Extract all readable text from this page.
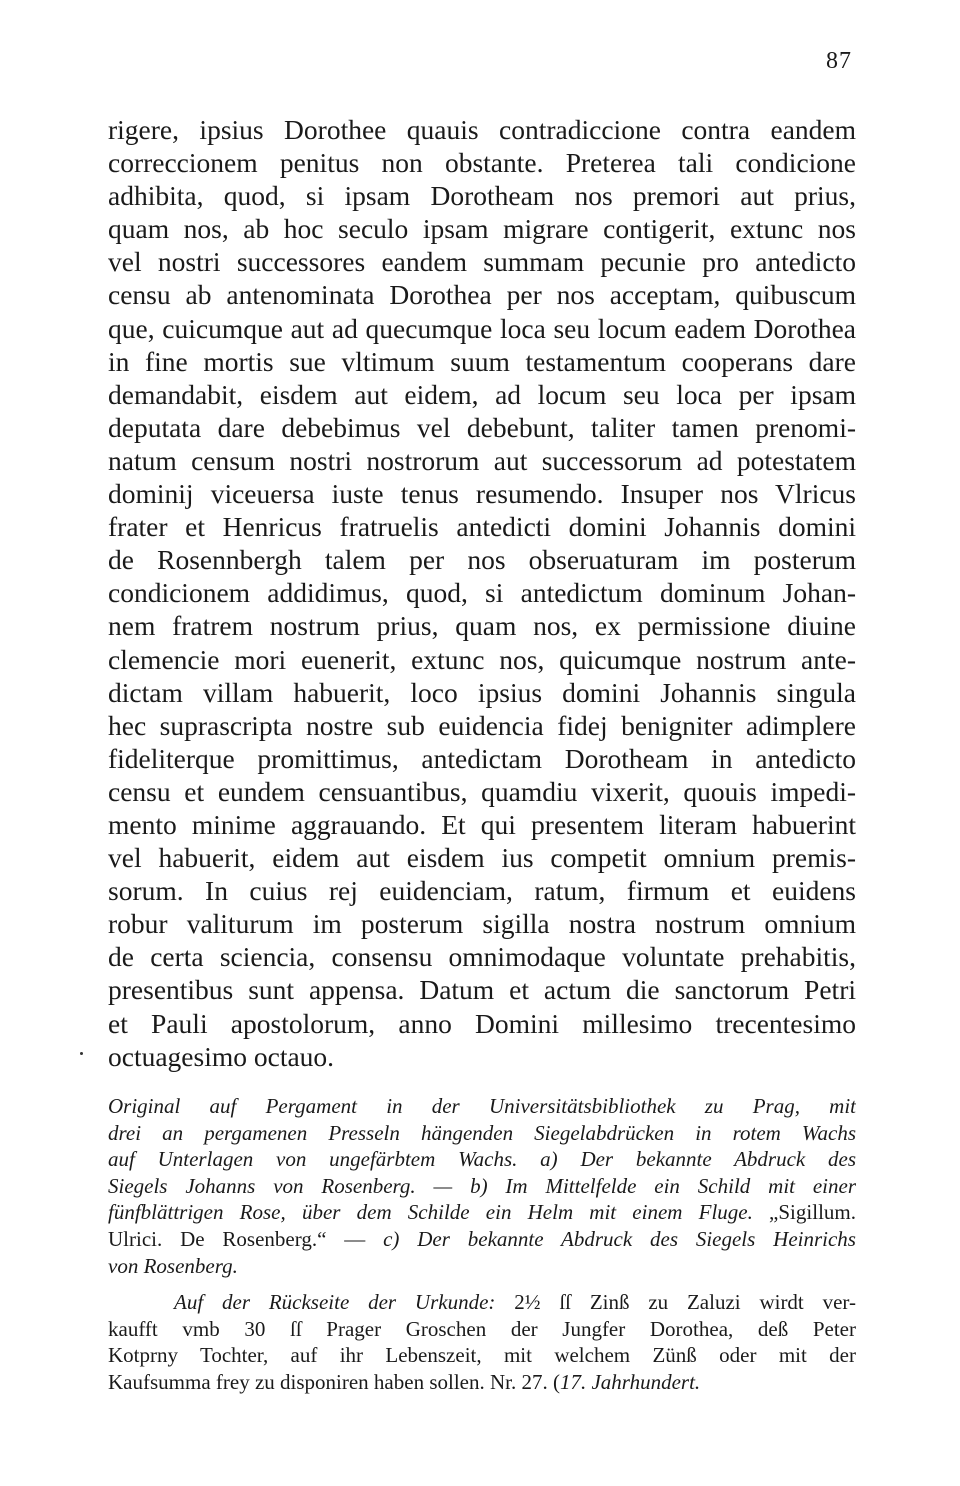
87
rigere, ipsius Dorothee quauis contradiccione contra eandem
correccionem penitus non obstante. Preterea tali condicione
adhibita, quod, si ipsam Dorotheam nos premori aut prius,
quam nos, ab hoc seculo ipsam migrare contigerit, extunc nos
vel nostri successores eandem summam pecunie pro antedicto
censu ab antenominata Dorothea per nos acceptam, quibuscum
que, cuicumque aut ad quecumque loca seu locum eadem Dorothea
in fine mortis sue vltimum suum testamentum cooperans dare
demandabit, eisdem aut eidem, ad locum seu loca per ipsam
deputata dare debebimus vel debebunt, taliter tamen prenomi-
natum censum nostri nostrorum aut successorum ad potestatem
dominij viceuersa iuste tenus resumendo. Insuper nos Vlricus
frater et Henricus fratruelis antedicti domini Johannis domini
de Rosennbergh talem per nos obseruaturam im posterum
condicionem addidimus, quod, si antedictum dominum Johan-
nem fratrem nostrum prius, quam nos, ex permissione diuine
clemencie mori euenerit, extunc nos, quicumque nostrum ante-
dictam villam habuerit, loco ipsius domini Johannis singula
hec suprascripta nostre sub euidencia fidej benigniter adimplere
fideliterque promittimus, antedictam Dorotheam in antedicto
censu et eundem censuantibus, quamdiu vixerit, quouis impedi-
mento minime aggrauando. Et qui presentem literam habuerint
vel habuerit, eidem aut eisdem ius competit omnium premis-
sorum. In cuius rej euidenciam, ratum, firmum et euidens
robur valiturum im posterum sigilla nostra nostrum omnium
de certa sciencia, consensu omnimodaque voluntate prehabitis,
presentibus sunt appensa. Datum et actum die sanctorum Petri
et Pauli apostolorum, anno Domini millesimo trecentesimo
octuagesimo octauo.
Original auf Pergament in der Universitätsbibliothek zu Prag, mit
drei an pergamenen Presseln hängenden Siegelabdrücken in rotem Wachs
auf Unterlagen von ungefärbtem Wachs. a) Der bekannte Abdruck des
Siegels Johanns von Rosenberg. — b) Im Mittelfelde ein Schild mit einer
fünfblättrigen Rose, über dem Schilde ein Helm mit einem Fluge. „Sigillum.
Ulrici. De Rosenberg.“ — c) Der bekannte Abdruck des Siegels Heinrichs
von Rosenberg.
Auf der Rückseite der Urkunde: 2½ ſſ Zinß zu Zaluzi wirdt ver-
kaufft vmb 30 ſſ Prager Groschen der Jungfer Dorothea, deß Peter
Kotprny Tochter, auf ihr Lebenszeit, mit welchem Zünß oder mit der
Kaufsumma frey zu disponiren haben sollen. Nr. 27. (17. Jahrhundert.
